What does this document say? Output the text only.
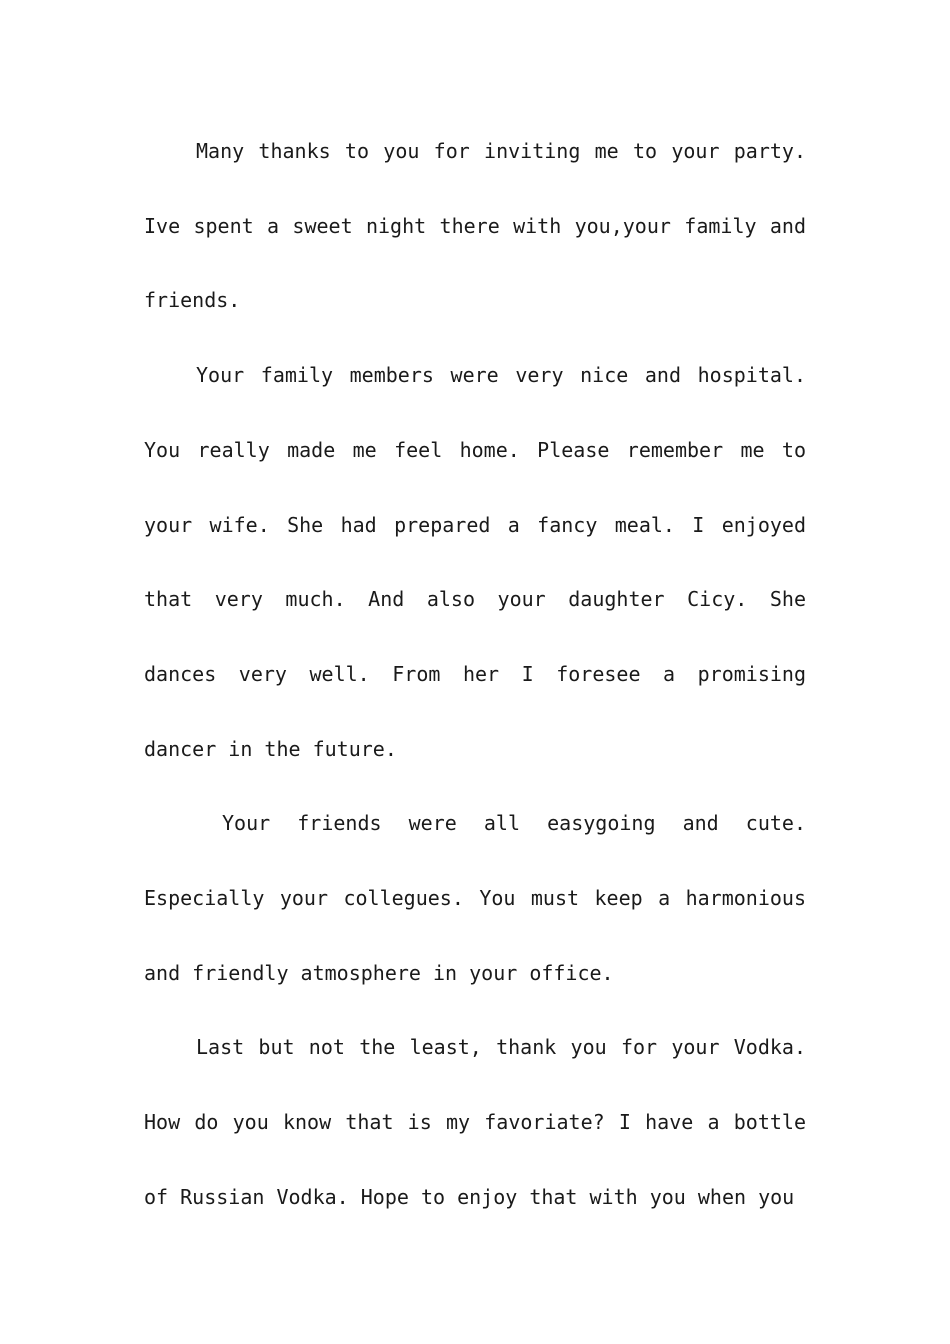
Many thanks to you for inviting me to your party. Ive spent a sweet night there with you,your family and friends.

Your family members were very nice and hospital. You really made me feel home. Please remember me to your wife. She had prepared a fancy meal. I enjoyed that very much. And also your daughter Cicy. She dances very well. From her I foresee a promising dancer in the future.

Your friends were all easygoing and cute. Especially your collegues. You must keep a harmonious and friendly atmosphere in your office.

Last but not the least, thank you for your Vodka. How do you know that is my favoriate? I have a bottle of Russian Vodka. Hope to enjoy that with you when you
